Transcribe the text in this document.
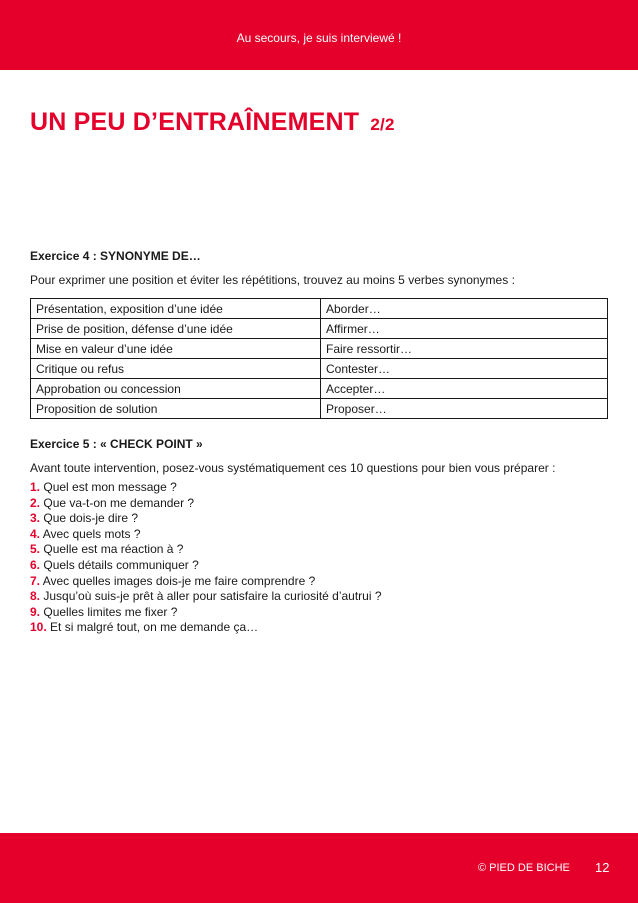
Au secours, je suis interviewé !
UN PEU D’ENTRAÎNEMENT 2/2
Exercice 4 : SYNONYME DE…
Pour exprimer une position et éviter les répétitions, trouvez au moins 5 verbes synonymes :
Présentation, exposition d’une idée	Aborder…
Prise de position, défense d’une idée	Affirmer…
Mise en valeur d’une idée	Faire ressortir…
Critique ou refus	Contester…
Approbation ou concession	Accepter…
Proposition de solution	Proposer…
Exercice 5 : « CHECK POINT »
Avant toute intervention, posez-vous systématiquement ces 10 questions pour bien vous préparer :
1. Quel est mon message ?
2. Que va-t-on me demander ?
3. Que dois-je dire ?
4. Avec quels mots ?
5. Quelle est ma réaction à ?
6. Quels détails communiquer ?
7. Avec quelles images dois-je me faire comprendre ?
8. Jusqu’où suis-je prêt à aller pour satisfaire la curiosité d’autrui ?
9. Quelles limites me fixer ?
10. Et si malgré tout, on me demande ça…
© PIED DE BICHE 12
